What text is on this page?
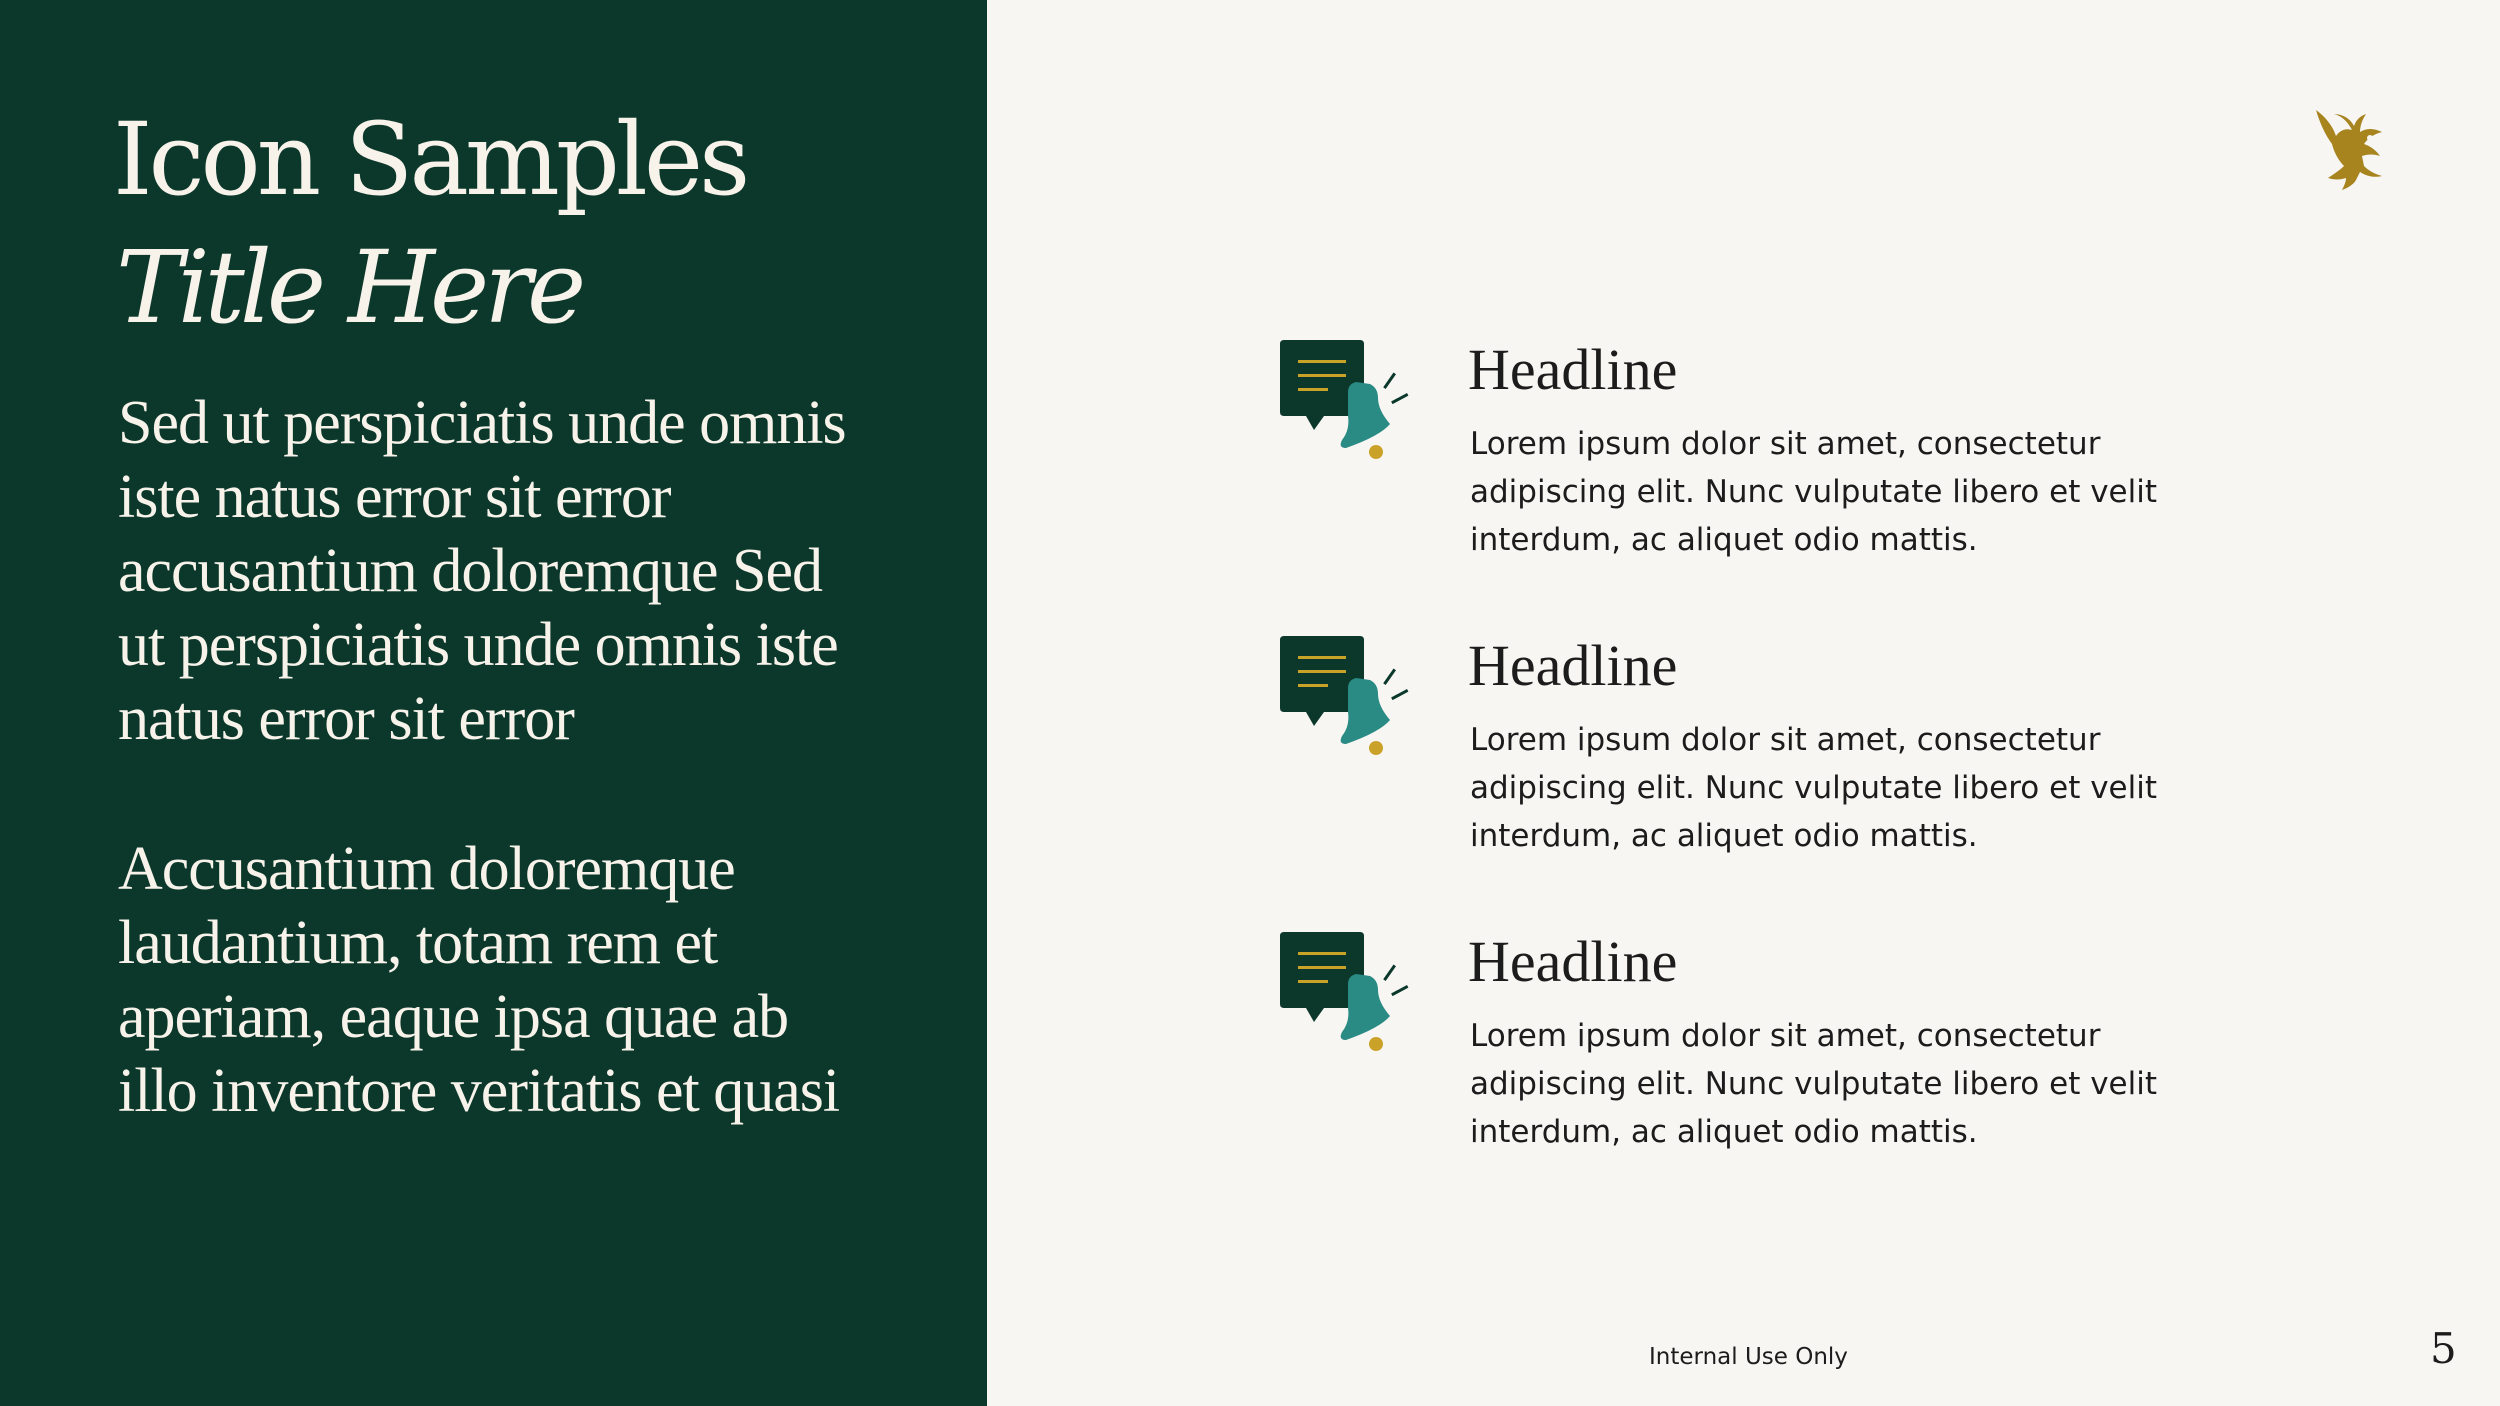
Icon Samples
Title Here

Sed ut perspiciatis unde omnis iste natus error sit error accusantium doloremque Sed ut perspiciatis unde omnis iste natus error sit error

Accusantium doloremque laudantium, totam rem et aperiam, eaque ipsa quae ab illo inventore veritatis et quasi

Headline

Lorem ipsum dolor sit amet, consectetur adipiscing elit. Nunc vulputate libero et velit interdum, ac aliquet odio mattis.

Headline

Lorem ipsum dolor sit amet, consectetur adipiscing elit. Nunc vulputate libero et velit interdum, ac aliquet odio mattis.

Headline

Lorem ipsum dolor sit amet, consectetur adipiscing elit. Nunc vulputate libero et velit interdum, ac aliquet odio mattis.

Internal Use Only	5
